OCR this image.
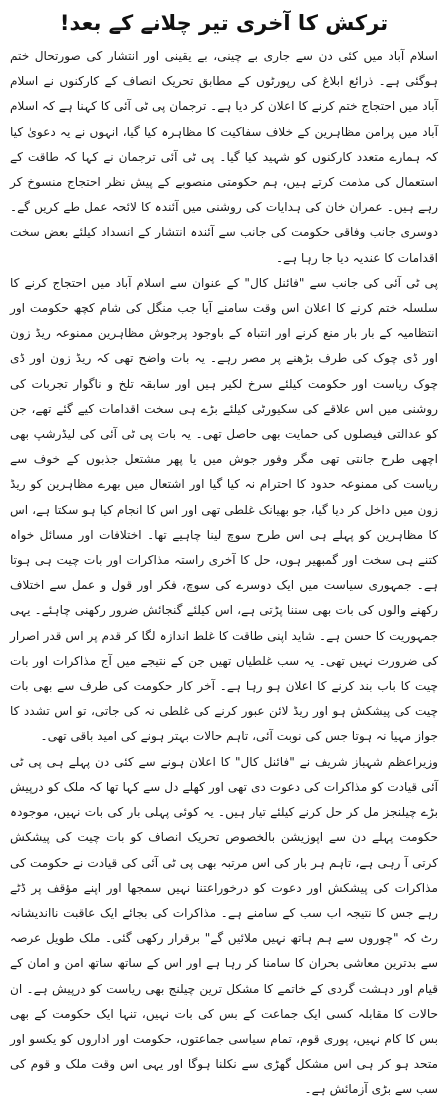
ترکش کا آخری تیر چلانے کے بعد!

اسلام آباد میں کئی دن سے جاری بے چینی، بے یقینی اور انتشار کی صورتحال ختم ہوگئی ہے۔ ذرائع ابلاغ کی رپورٹوں کے مطابق تحریک انصاف کے کارکنوں نے اسلام آباد میں احتجاج ختم کرنے کا اعلان کر دیا ہے۔ ترجمان پی ٹی آئی کا کہنا ہے کہ اسلام آباد میں پرامن مظاہرین کے خلاف سفاکیت کا مظاہرہ کیا گیا، انہوں نے یہ دعویٰ کیا کہ ہمارے متعدد کارکنوں کو شہید کیا گیا۔ پی ٹی آئی ترجمان نے کہا کہ طاقت کے استعمال کی مذمت کرتے ہیں، ہم حکومتی منصوبے کے پیش نظر احتجاج منسوخ کر رہے ہیں۔ عمران خان کی ہدایات کی روشنی میں آئندہ کا لائحہ عمل طے کریں گے۔ دوسری جانب وفاقی حکومت کی جانب سے آئندہ انتشار کے انسداد کیلئے بعض سخت اقدامات کا عندیہ دیا جا رہا ہے۔

پی ٹی آئی کی جانب سے "فائنل کال" کے عنوان سے اسلام آباد میں احتجاج کرنے کا سلسلہ ختم کرنے کا اعلان اس وقت سامنے آیا جب منگل کی شام کچھ حکومت اور انتظامیہ کے بار بار منع کرنے اور انتباہ کے باوجود پرجوش مظاہرین ممنوعہ ریڈ زون اور ڈی چوک کی طرف بڑھنے پر مصر رہے۔ یہ بات واضح تھی کہ ریڈ زون اور ڈی چوک ریاست اور حکومت کیلئے سرخ لکیر ہیں اور سابقہ تلخ و ناگوار تجربات کی روشنی میں اس علاقے کی سکیورٹی کیلئے بڑے ہی سخت اقدامات کیے گئے تھے، جن کو عدالتی فیصلوں کی حمایت بھی حاصل تھی۔ یہ بات پی ٹی آئی کی لیڈرشپ بھی اچھی طرح جانتی تھی مگر وفور جوش میں یا پھر مشتعل جذبوں کے خوف سے ریاست کی ممنوعہ حدود کا احترام نہ کیا گیا اور اشتعال میں بھرے مظاہرین کو ریڈ زون میں داخل کر دیا گیا، جو بھیانک غلطی تھی اور اس کا انجام کیا ہو سکتا ہے، اس کا مظاہرین کو پہلے ہی اس طرح سوچ لینا چاہیے تھا۔ اختلافات اور مسائل خواہ کتنے ہی سخت اور گمبھیر ہوں، حل کا آخری راستہ مذاکرات اور بات چیت ہی ہوتا ہے۔ جمہوری سیاست میں ایک دوسرے کی سوچ، فکر اور قول و عمل سے اختلاف رکھنے والوں کی بات بھی سننا پڑتی ہے، اس کیلئے گنجائش ضرور رکھنی چاہئے۔ یہی جمہوریت کا حسن ہے۔ شاید اپنی طاقت کا غلط اندازہ لگا کر قدم پر اس قدر اصرار کی ضرورت نہیں تھی۔ یہ سب غلطیاں تھیں جن کے نتیجے میں آج مذاکرات اور بات چیت کا باب بند کرنے کا اعلان ہو رہا ہے۔ آخر کار حکومت کی طرف سے بھی بات چیت کی پیشکش ہو اور ریڈ لائن عبور کرنے کی غلطی نہ کی جاتی، تو اس تشدد کا جواز مہیا نہ ہوتا جس کی نوبت آئی، تاہم حالات بہتر ہونے کی امید باقی تھی۔

وزیراعظم شہباز شریف نے "فائنل کال" کا اعلان ہونے سے کئی دن پہلے ہی پی ٹی آئی قیادت کو مذاکرات کی دعوت دی تھی اور کھلے دل سے کہا تھا کہ ملک کو درپیش بڑے چیلنجز مل کر حل کرنے کیلئے تیار ہیں۔ یہ کوئی پہلی بار کی بات نہیں، موجودہ حکومت پہلے دن سے اپوزیشن بالخصوص تحریک انصاف کو بات چیت کی پیشکش کرتی آ رہی ہے، تاہم ہر بار کی اس مرتبہ بھی پی ٹی آئی کی قیادت نے حکومت کی مذاکرات کی پیشکش اور دعوت کو درخوراعتنا نہیں سمجھا اور اپنے مؤقف پر ڈٹے رہے جس کا نتیجہ اب سب کے سامنے ہے۔ مذاکرات کی بجائے ایک عاقبت نااندیشانہ رٹ کہ "چوروں سے ہم ہاتھ نہیں ملائیں گے" برقرار رکھی گئی۔ ملک طویل عرصہ سے بدترین معاشی بحران کا سامنا کر رہا ہے اور اس کے ساتھ ساتھ امن و امان کے قیام اور دہشت گردی کے خاتمے کا مشکل ترین چیلنج بھی ریاست کو درپیش ہے۔ ان حالات کا مقابلہ کسی ایک جماعت کے بس کی بات نہیں، تنہا ایک حکومت کے بھی بس کا کام نہیں، پوری قوم، تمام سیاسی جماعتوں، حکومت اور اداروں کو یکسو اور متحد ہو کر ہی اس مشکل گھڑی سے نکلنا ہوگا اور یہی اس وقت ملک و قوم کی سب سے بڑی آزمائش ہے۔
